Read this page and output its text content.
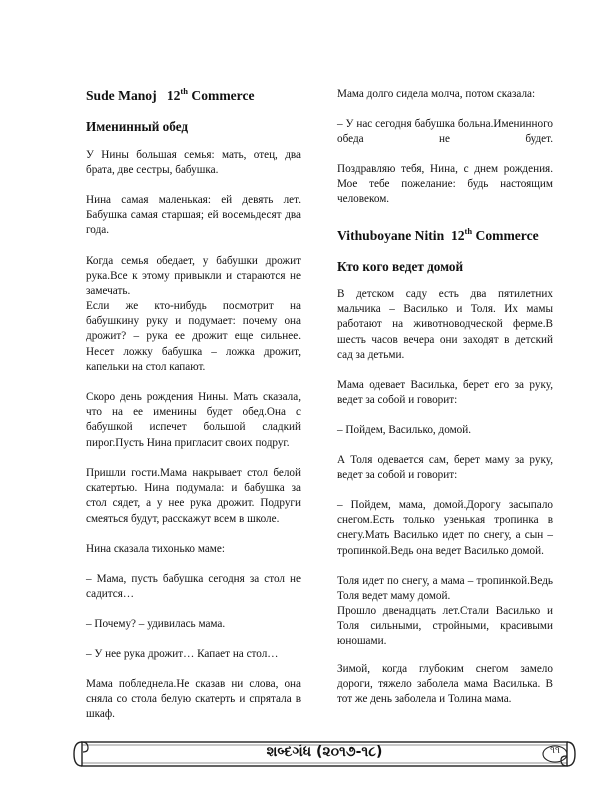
Sude Manoj 12th Commerce
Именинный обед

У Нины большая семья: мать, отец, два брата, две сестры, бабушка.

Нина самая маленькая: ей девять лет. Бабушка самая старшая; ей восемьдесят два года.

Когда семья обедает, у бабушки дрожит рука.Все к этому привыкли и стараются не замечать.

Если же кто-нибудь посмотрит на бабушкину руку и подумает: почему она дрожит? – рука ее дрожит еще сильнее. Несет ложку бабушка – ложка дрожит, капельки на стол капают.

Скоро день рождения Нины. Мать сказала, что на ее именины будет обед.Она с бабушкой испечет большой сладкий пирог.Пусть Нина пригласит своих подруг.

Пришли гости.Мама накрывает стол белой скатертью. Нина подумала: и бабушка за стол сядет, а у нее рука дрожит. Подруги смеяться будут, расскажут всем в школе.

Нина сказала тихонько маме:

– Мама, пусть бабушка сегодня за стол не садится…

– Почему? – удивилась мама.

– У нее рука дрожит… Капает на стол…

Мама побледнела.Не сказав ни слова, она сняла со стола белую скатерть и спрятала в шкаф.

Мама долго сидела молча, потом сказала:

– У нас сегодня бабушка больна.Именинного обеда не будет.

Поздравляю тебя, Нина, с днем рождения. Мое тебе пожелание: будь настоящим человеком.

Vithuboyane Nitin 12th Commerce
Кто кого ведет домой

В детском саду есть два пятилетних мальчика – Василько и Толя. Их мамы работают на животноводческой ферме.В шесть часов вечера они заходят в детский сад за детьми.

Мама одевает Василька, берет его за руку, ведет за собой и говорит:

– Пойдем, Василько, домой.

А Толя одевается сам, берет маму за руку, ведет за собой и говорит:

– Пойдем, мама, домой.Дорогу засыпало снегом.Есть только узенькая тропинка в снегу.Мать Василько идет по снегу, а сын – тропинкой.Ведь она ведет Василько домой.

Толя идет по снегу, а мама – тропинкой.Ведь Толя ведет маму домой.

Прошло двенадцать лет.Стали Василько и Толя сильными, стройными, красивыми юношами.

Зимой, когда глубоким снегом замело дороги, тяжело заболела мама Василька. В тот же день заболела и Толина мама.

શબ્દગંધ (૨૦૧૭-૧૮)	૧૧
